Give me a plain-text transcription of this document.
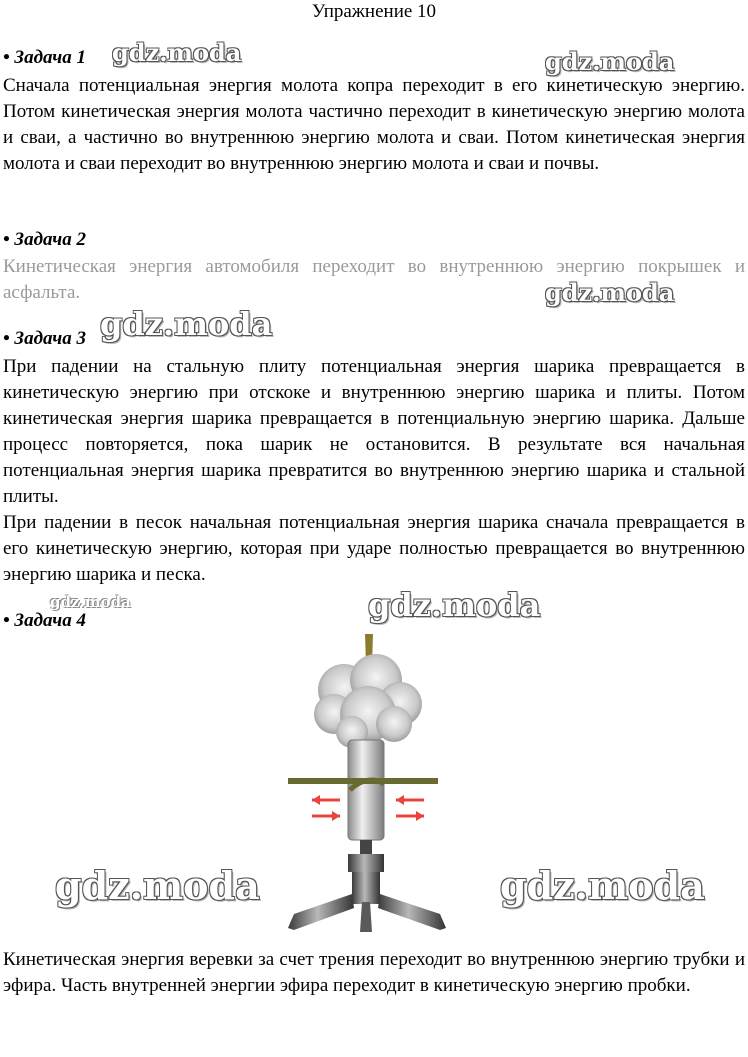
Упражнение 10
• Задача 1
Сначала потенциальная энергия молота копра переходит в его кинетическую энергию. Потом кинетическая энергия молота частично переходит в кинетическую энергию молота и сваи, а частично во внутреннюю энергию молота и сваи. Потом кинетическая энергия молота и сваи переходит во внутреннюю энергию молота и сваи и почвы.
• Задача 2
Кинетическая энергия автомобиля переходит во внутреннюю энергию покрышек и асфальта.
• Задача 3
При падении на стальную плиту потенциальная энергия шарика превращается в кинетическую энергию при отскоке и внутреннюю энергию шарика и плиты. Потом кинетическая энергия шарика превращается в потенциальную энергию шарика. Дальше процесс повторяется, пока шарик не остановится. В результате вся начальная потенциальная энергия шарика превратится во внутреннюю энергию шарика и стальной плиты.
При падении в песок начальная потенциальная энергия шарика сначала превращается в его кинетическую энергию, которая при ударе полностью превращается во внутреннюю энергию шарика и песка.
• Задача 4
Кинетическая энергия веревки за счет трения переходит во внутреннюю энергию трубки и эфира. Часть внутренней энергии эфира переходит в кинетическую энергию пробки.
gdz.moda	gdz.moda
gdz.moda
gdz.moda
gdz.moda	gdz.moda
gdz.moda	gdz.moda
